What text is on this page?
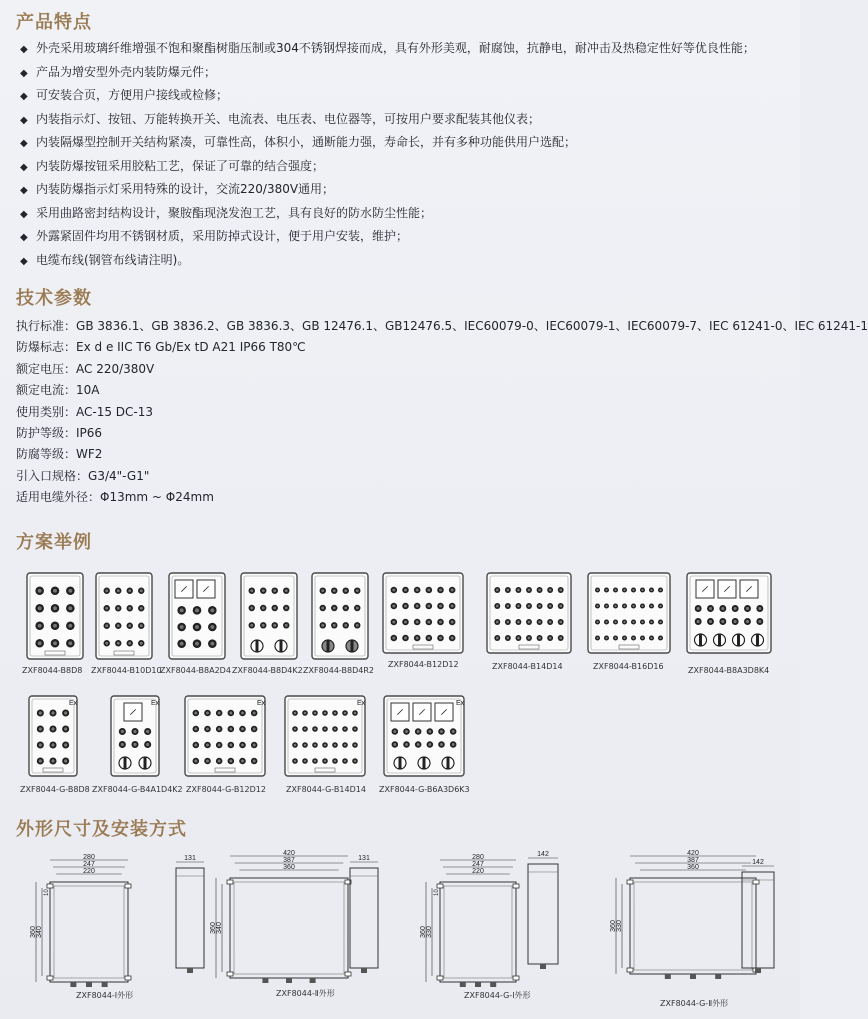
产品特点
技术参数
方案举例
外形尺寸及安装方式
◆ 外壳采用玻璃纤维增强不饱和聚酯树脂压制或304不锈钢焊接而成，具有外形美观，耐腐蚀，抗静电，耐冲击及热稳定性好等优良性能；
◆ 产品为增安型外壳内装防爆元件；
◆ 可安装合页，方便用户接线或检修；
◆ 内装指示灯、按钮、万能转换开关、电流表、电压表、电位器等，可按用户要求配装其他仪表；
◆ 内装隔爆型控制开关结构紧凑，可靠性高，体积小，通断能力强，寿命长，并有多种功能供用户选配；
◆ 内装防爆按钮采用胶粘工艺，保证了可靠的结合强度；
◆ 内装防爆指示灯采用特殊的设计，交流220/380V通用；
◆ 采用曲路密封结构设计，聚胺酯现浇发泡工艺，具有良好的防水防尘性能；
◆ 外露紧固件均用不锈钢材质，采用防掉式设计，便于用户安装，维护；
◆ 电缆布线(钢管布线请注明)。
执行标准：GB 3836.1、GB 3836.2、GB 3836.3、GB 12476.1、GB12476.5、IEC60079-0、IEC60079-1、IEC60079-7、IEC 61241-0、IEC 61241-1
防爆标志：Ex d e IIC T6 Gb/Ex tD A21 IP66 T80℃
额定电压：AC 220/380V
额定电流：10A
使用类别：AC-15 DC-13
防护等级：IP66
防腐等级：WF2
引入口规格：G3/4"-G1"
适用电缆外径：Φ13mm ~ Φ24mm
ZXF8044-B8D8 ZXF8044-B10D10
ZXF8044-B8A2D4 ZXF8044-B8D4K2 ZXF8044-B8D4R2
ZXF8044-B12D12	ZXF8044-B14D14	ZXF8044-B16D16	ZXF8044-B8A3D8K4
Ex
ZXF8044-G-B8D8
Ex
ZXF8044-G-B4A1D4K2
Ex
ZXF8044-G-B12D12
Ex
ZXF8044-G-B14D14
Ex
ZXF8044-G-B6A3D6K3
280
247
220
360 340
10
131
ZXF8044-Ⅰ外形
420
387
360
360 340
131
ZXF8044-Ⅱ外形
280
247
220
360 330
10
142
ZXF8044-G-Ⅰ外形
420
387
360
360 330
142
ZXF8044-G-Ⅱ外形
